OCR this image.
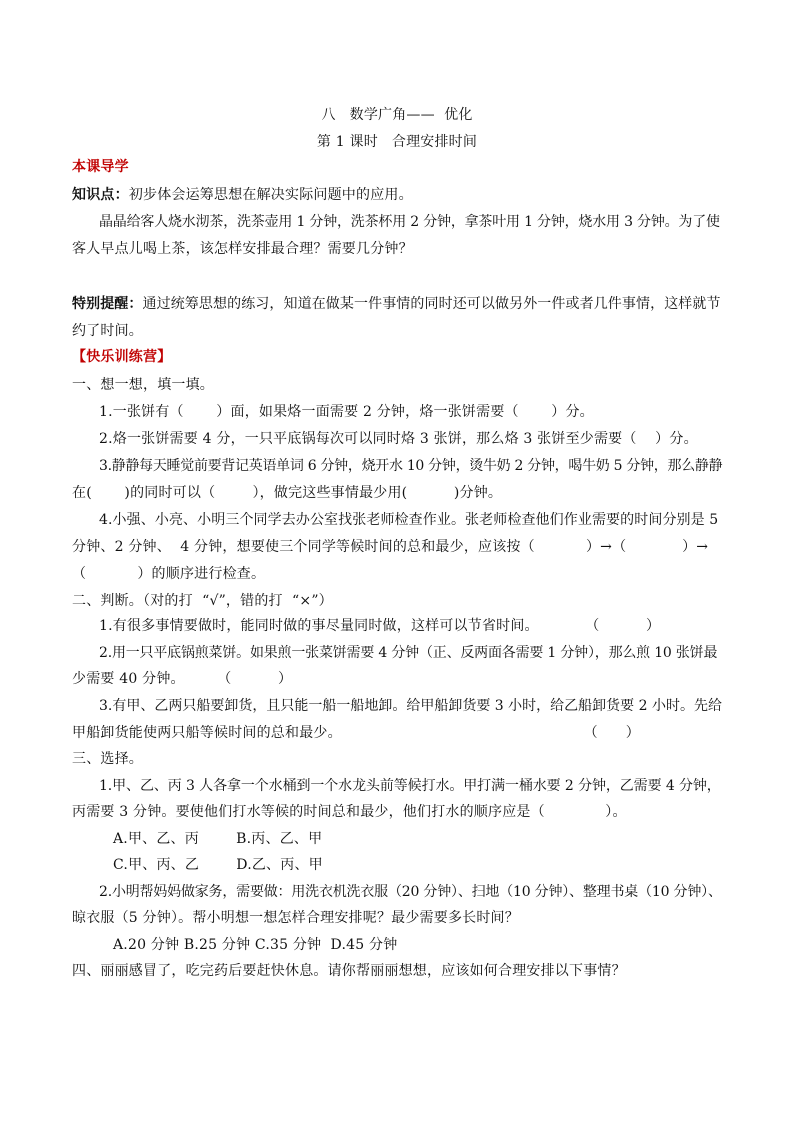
八   数学广角——  优化
第 1 课时   合理安排时间
本课导学
知识点：初步体会运筹思想在解决实际问题中的应用。
晶晶给客人烧水沏茶，洗茶壶用 1 分钟，洗茶杯用 2 分钟，拿茶叶用 1 分钟，烧水用 3 分钟。为了使
客人早点儿喝上茶，该怎样安排最合理？需要几分钟？
特别提醒：通过统筹思想的练习，知道在做某一件事情的同时还可以做另外一件或者几件事情，这样就节
约了时间。
【快乐训练营】
一、想一想，填一填。
1.一张饼有（       ）面，如果烙一面需要 2 分钟，烙一张饼需要（       ）分。
2.烙一张饼需要 4 分，一只平底锅每次可以同时烙 3 张饼，那么烙 3 张饼至少需要（    ）分。
3.静静每天睡觉前要背记英语单词 6 分钟，烧开水 10 分钟，烫牛奶 2 分钟，喝牛奶 5 分钟，那么静静
在(       )的同时可以（        ），做完这些事情最少用(          )分钟。
4.小强、小亮、小明三个同学去办公室找张老师检查作业。张老师检查他们作业需要的时间分别是 5
分钟、2 分钟、  4 分钟，想要使三个同学等候时间的总和最少，应该按（           ）→（            ）→
（           ）的顺序进行检查。
二、判断。（对的打  “√”，错的打  “×”）
1.有很多事情要做时，能同时做的事尽量同时做，这样可以节省时间。          （          ）
2.用一只平底锅煎菜饼。如果煎一张菜饼需要 4 分钟（正、反两面各需要 1 分钟），那么煎 10 张饼最
少需要 40 分钟。       （          ）
3.有甲、乙两只船要卸货，且只能一船一船地卸。给甲船卸货要 3 小时，给乙船卸货要 2 小时。先给
甲船卸货能使两只船等候时间的总和最少。                                                    （      ）
三、选择。
1.甲、乙、丙 3 人各拿一个水桶到一个水龙头前等候打水。甲打满一桶水要 2 分钟，乙需要 4 分钟，
丙需要 3 分钟。要使他们打水等候的时间总和最少，他们打水的顺序应是（             ）。
A.甲、乙、丙        B.丙、乙、甲
C.甲、丙、乙        D.乙、丙、甲
2.小明帮妈妈做家务，需要做：用洗衣机洗衣服（20 分钟）、扫地（10 分钟）、整理书桌（10 分钟）、
晾衣服（5 分钟）。帮小明想一想怎样合理安排呢？最少需要多长时间？
A.20 分钟 B.25 分钟 C.35 分钟  D.45 分钟
四、丽丽感冒了，吃完药后要赶快休息。请你帮丽丽想想，应该如何合理安排以下事情？
